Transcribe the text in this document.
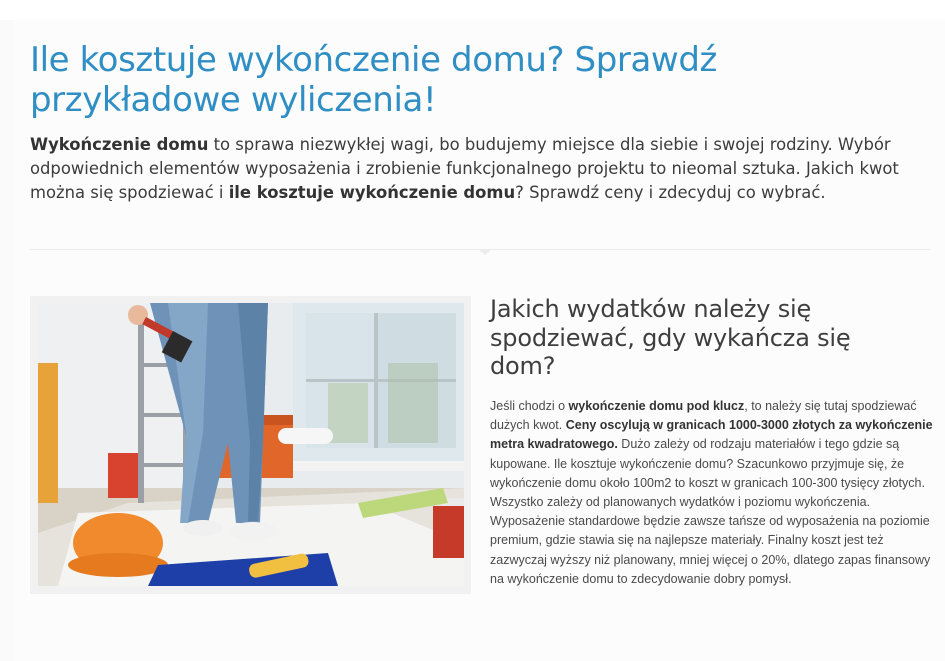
Ile kosztuje wykończenie domu? Sprawdź przykładowe wyliczenia!

Wykończenie domu to sprawa niezwykłej wagi, bo budujemy miejsce dla siebie i swojej rodziny. Wybór odpowiednich elementów wyposażenia i zrobienie funkcjonalnego projektu to nieomal sztuka. Jakich kwot można się spodziewać i ile kosztuje wykończenie domu? Sprawdź ceny i zdecyduj co wybrać.

Jakich wydatków należy się spodziewać, gdy wykańcza się dom?

Jeśli chodzi o wykończenie domu pod klucz, to należy się tutaj spodziewać dużych kwot. Ceny oscylują w granicach 1000-3000 złotych za wykończenie metra kwadratowego. Dużo zależy od rodzaju materiałów i tego gdzie są kupowane. Ile kosztuje wykończenie domu? Szacunkowo przyjmuje się, że wykończenie domu około 100m2 to koszt w granicach 100-300 tysięcy złotych. Wszystko zależy od planowanych wydatków i poziomu wykończenia. Wyposażenie standardowe będzie zawsze tańsze od wyposażenia na poziomie premium, gdzie stawia się na najlepsze materiały. Finalny koszt jest też zazwyczaj wyższy niż planowany, mniej więcej o 20%, dlatego zapas finansowy na wykończenie domu to zdecydowanie dobry pomysł.
